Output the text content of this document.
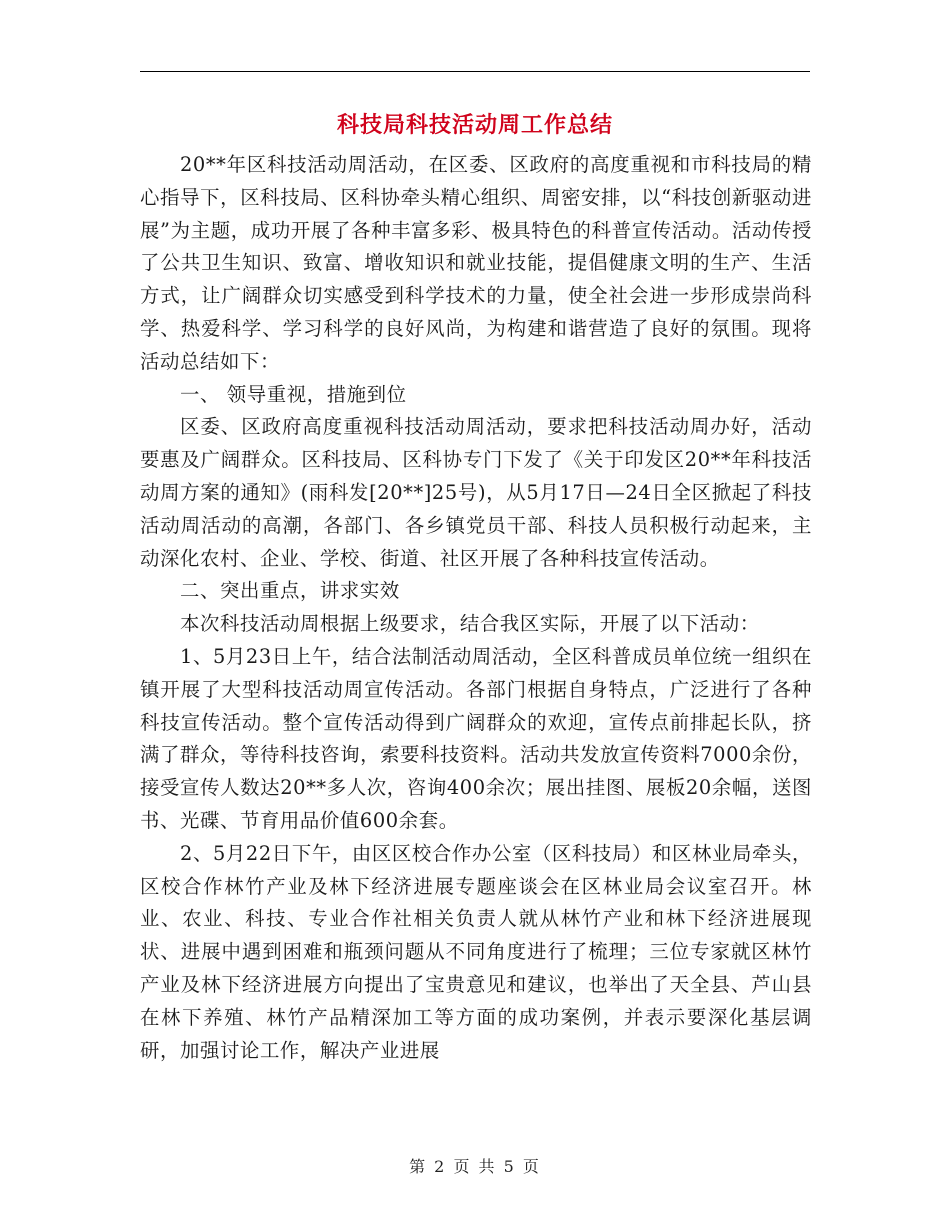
科技局科技活动周工作总结

20**年区科技活动周活动，在区委、区政府的高度重视和市科技局的精心指导下，区科技局、区科协牵头精心组织、周密安排，以“科技创新驱动进展”为主题，成功开展了各种丰富多彩、极具特色的科普宣传活动。活动传授了公共卫生知识、致富、增收知识和就业技能，提倡健康文明的生产、生活方式，让广阔群众切实感受到科学技术的力量，使全社会进一步形成崇尚科学、热爱科学、学习科学的良好风尚，为构建和谐营造了良好的氛围。现将活动总结如下：

一、 领导重视，措施到位

区委、区政府高度重视科技活动周活动，要求把科技活动周办好，活动要惠及广阔群众。区科技局、区科协专门下发了《关于印发区20**年科技活动周方案的通知》(雨科发[20**]25号)，从5月17日—24日全区掀起了科技活动周活动的高潮，各部门、各乡镇党员干部、科技人员积极行动起来，主动深化农村、企业、学校、街道、社区开展了各种科技宣传活动。

二、突出重点，讲求实效

本次科技活动周根据上级要求，结合我区实际，开展了以下活动：

1、5月23日上午，结合法制活动周活动，全区科普成员单位统一组织在镇开展了大型科技活动周宣传活动。各部门根据自身特点，广泛进行了各种科技宣传活动。整个宣传活动得到广阔群众的欢迎，宣传点前排起长队，挤满了群众，等待科技咨询，索要科技资料。活动共发放宣传资料7000余份，接受宣传人数达20**多人次，咨询400余次；展出挂图、展板20余幅，送图书、光碟、节育用品价值600余套。

2、5月22日下午，由区区校合作办公室（区科技局）和区林业局牵头，区校合作林竹产业及林下经济进展专题座谈会在区林业局会议室召开。林业、农业、科技、专业合作社相关负责人就从林竹产业和林下经济进展现状、进展中遇到困难和瓶颈问题从不同角度进行了梳理；三位专家就区林竹产业及林下经济进展方向提出了宝贵意见和建议，也举出了天全县、芦山县在林下养殖、林竹产品精深加工等方面的成功案例，并表示要深化基层调研，加强讨论工作，解决产业进展

第 2 页 共 5 页
